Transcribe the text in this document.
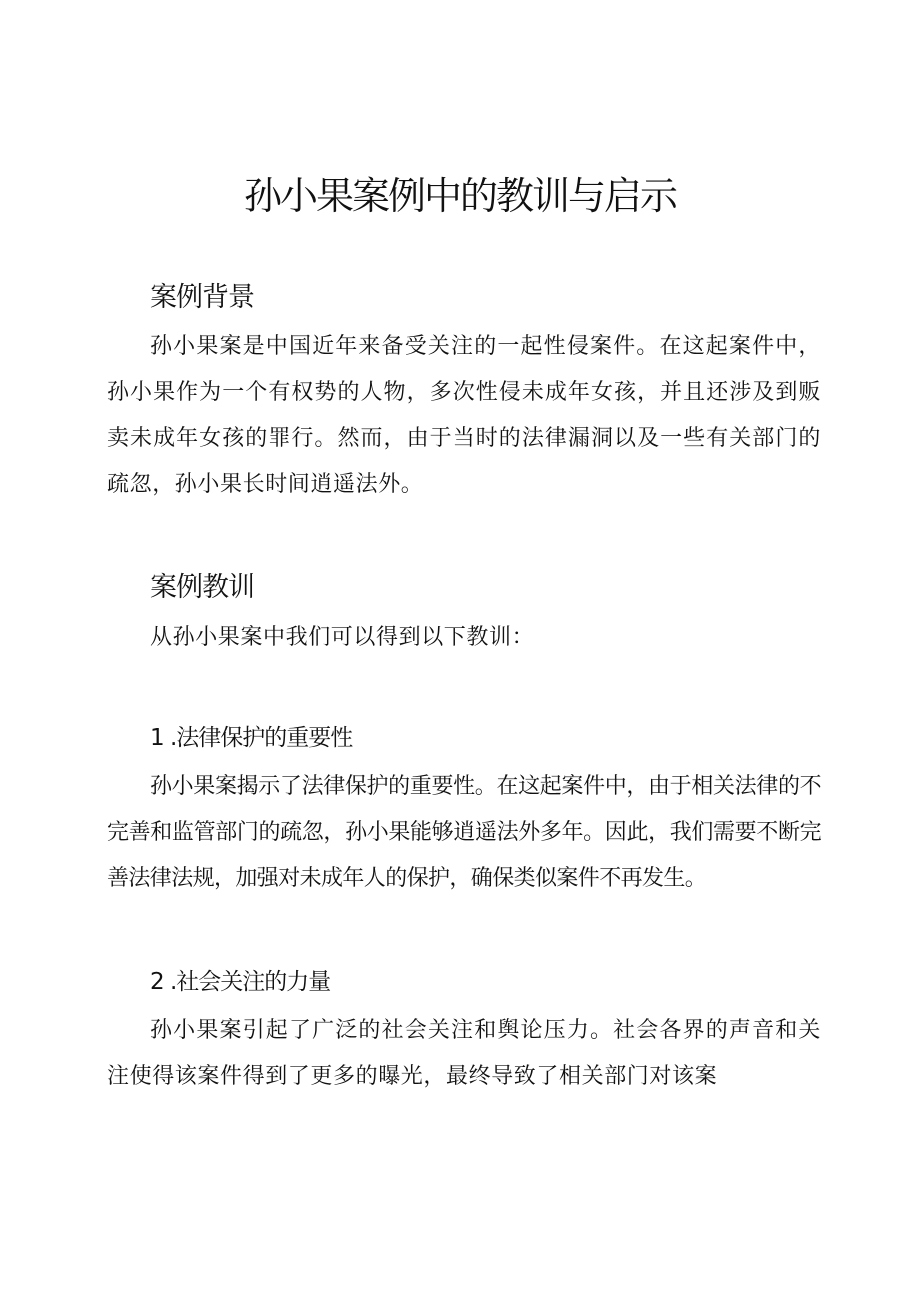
孙小果案例中的教训与启示
案例背景

孙小果案是中国近年来备受关注的一起性侵案件。在这起案件中，孙小果作为一个有权势的人物，多次性侵未成年女孩，并且还涉及到贩卖未成年女孩的罪行。然而，由于当时的法律漏洞以及一些有关部门的疏忽，孙小果长时间逍遥法外。

案例教训

从孙小果案中我们可以得到以下教训：

1 .法律保护的重要性

孙小果案揭示了法律保护的重要性。在这起案件中，由于相关法律的不完善和监管部门的疏忽，孙小果能够逍遥法外多年。因此，我们需要不断完善法律法规，加强对未成年人的保护，确保类似案件不再发生。

2 .社会关注的力量

孙小果案引起了广泛的社会关注和舆论压力。社会各界的声音和关注使得该案件得到了更多的曝光，最终导致了相关部门对该案
